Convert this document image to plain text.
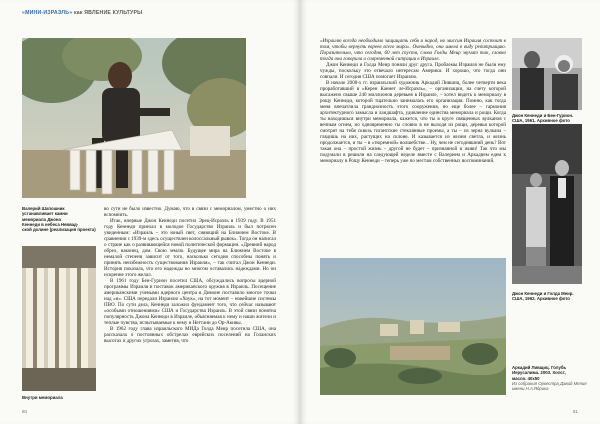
«МИНИ-ИЗРАЭЛЬ» как ЯВЛЕНИЕ КУЛЬТУРЫ
Валерий Шапошник
устанавливает камни
мемориала Джона
Кеннеди в небеса Неввад-
ской долине (реализация проекта)
Внутри мемориала

во сути не было известно. Думаю, что в связи с мемориалом, уместно о них вспомнить.

Итак, впервые Джон Кеннеди посетил Эрец-Исраэль в 1939 году. В 1951 году Кеннеди приехал в молодое Государство Израиль и был потрясен увиденным: «Израиль – это юный свет, сияющий на Ближнем Востоке. В сравнении с 1939-м здесь осуществлен колоссальный рывок». Тогда он написал о стране как о развивающейся новой политической формации. «Древний народ обрел, наконец, дом. Свою землю. Будущее мира на Ближнем Востоке в немалой степени зависит от того, насколько сегодня способны понять и принять неизбежность существования Израиля», – так считал Джон Кеннеди. История показала, что его надежды во многом оставались надеждами. Но он искренне этого желал.

В 1961 году Бен-Гурион посетил США, обсуждались вопросы ядерной программы Израиля и поставок американского оружия в Израиль. Посещение американскими учеными ядерного центра в Димоне поставило многое точки над «и». США передали Израилю «Хоук», на тот момент – новейшие системы ПВО. По сути дела, Кеннеди заложил фундамент того, что сейчас называют «особыми отношениями» США и Государства Израиль. В этой связи понятна популярность Джона Кеннеди в Израиле, объясняемая к нему и наши жители и теплые чувства, испытываемые к нему и Неттани до Ор-Акивы.

В 1962 году глава израильского МИДа Голда Меир посетила США, она рассказала о постоянных обстрелах еврейских поселений на Голанских высотах и других угрозах, заметив, что

80

«Израилю всегда необходимо защищать себя и народ, но миссия Израиля состоит в том, чтобы вернуть евреев всего мира». Очевидно, она имела в виду репатриацию. Поразительно, что сегодня, 60 лет спустя, слова Голды Меир звучат так, словно тогда она говорила о современной ситуации в Израиле.

Джон Кеннеди и Голда Меир поняли друг друга. Проблемы Израиля не были ему чужды, поскольку это отвечало интересам Америки. И хорошо, что тогда они совпали. И сегодня США помогает Израилю.

В начале 2000-х гг. израильский художник Аркадий Лившиц, более четверти века проработавший в «Керен Каемет ле-Исраэль», – организации, на счету которой высажено свыше 240 миллионов деревьев в Израиле, – хотел видеть к мемориалу в рощу Кеннеди, которой тщательно занималась его организация. Помню, как тогда меня впечатлила грандиозность этого сооружения, но еще более – гармония архитектурного замысла и ландшафта, удивление единства мемориала и рощи. Когда ты находишься внутри мемориала, кажется, что ты в круге священных вулканов с вечным огнем, но одновременно ты словно в не выходя из рощи, деревья которой смотрят на тебя сквозь гигантские стеклянные проемы, а ты – из зерна вулкана – глядишь на них, растущих на склоне. И казывается из жизни светла, и жизнь продолжается, и ты – в «тюремной» волшебстве... Ну, чем не сегодняшний день? Вот такая она – простой жизнь – другой не будет – признанной и живи! Так что мы подумали в решили на следующей неделе вместе с Валерием и Аркадием едем к мемориалу в Рощу Кеннеди – теперь уже по местам собственных воспоминаний.

Джон Кеннеди и Бен-Гурион.
США, 1961. Архивное фото
Джон Кеннеди и Голда Меир.
США, 1962. Архивное фото
Аркадий Ливщиц. Голубь
Иерусалима. 2003. Холст,
масло. 40x50
Из собрания Оркестра Давид Мелия
имени Н.А.Ядрика
81
